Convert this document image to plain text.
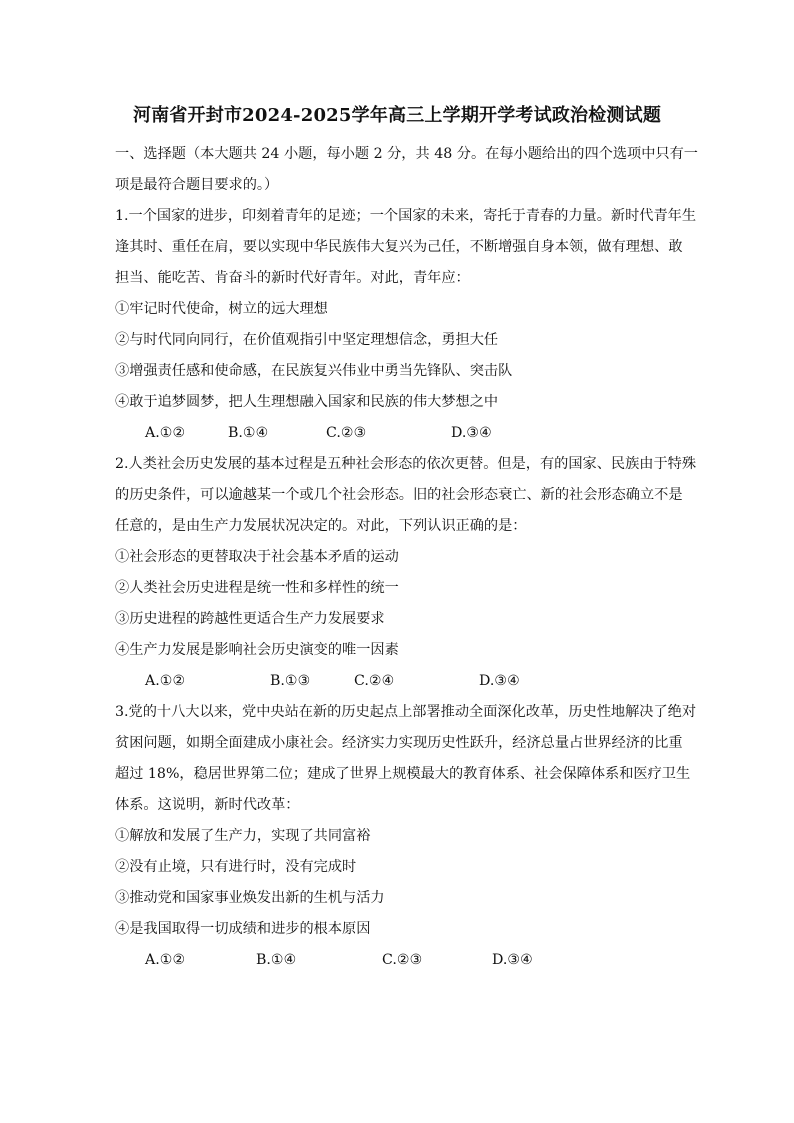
河南省开封市2024-2025学年高三上学期开学考试政治检测试题
一、选择题（本大题共 24 小题，每小题 2 分，共 48 分。在每小题给出的四个选项中只有一
项是最符合题目要求的。）
1.一个国家的进步，印刻着青年的足迹；一个国家的未来，寄托于青春的力量。新时代青年生
逢其时、重任在肩，要以实现中华民族伟大复兴为己任，不断增强自身本领，做有理想、敢
担当、能吃苦、肯奋斗的新时代好青年。对此，青年应：
①牢记时代使命，树立的远大理想
②与时代同向同行，在价值观指引中坚定理想信念，勇担大任
③增强责任感和使命感，在民族复兴伟业中勇当先锋队、突击队
④敢于追梦圆梦，把人生理想融入国家和民族的伟大梦想之中
A.①②	B.①④	C.②③	D.③④
2.人类社会历史发展的基本过程是五种社会形态的依次更替。但是，有的国家、民族由于特殊
的历史条件，可以逾越某一个或几个社会形态。旧的社会形态衰亡、新的社会形态确立不是
任意的，是由生产力发展状况决定的。对此，下列认识正确的是：
①社会形态的更替取决于社会基本矛盾的运动
②人类社会历史进程是统一性和多样性的统一
③历史进程的跨越性更适合生产力发展要求
④生产力发展是影响社会历史演变的唯一因素
A.①②	B.①③	C.②④	D.③④
3.党的十八大以来，党中央站在新的历史起点上部署推动全面深化改革，历史性地解决了绝对
贫困问题，如期全面建成小康社会。经济实力实现历史性跃升，经济总量占世界经济的比重
超过 18%，稳居世界第二位；建成了世界上规模最大的教育体系、社会保障体系和医疗卫生
体系。这说明，新时代改革：
①解放和发展了生产力，实现了共同富裕
②没有止境，只有进行时，没有完成时
③推动党和国家事业焕发出新的生机与活力
④是我国取得一切成绩和进步的根本原因
A.①②	B.①④	C.②③	D.③④
